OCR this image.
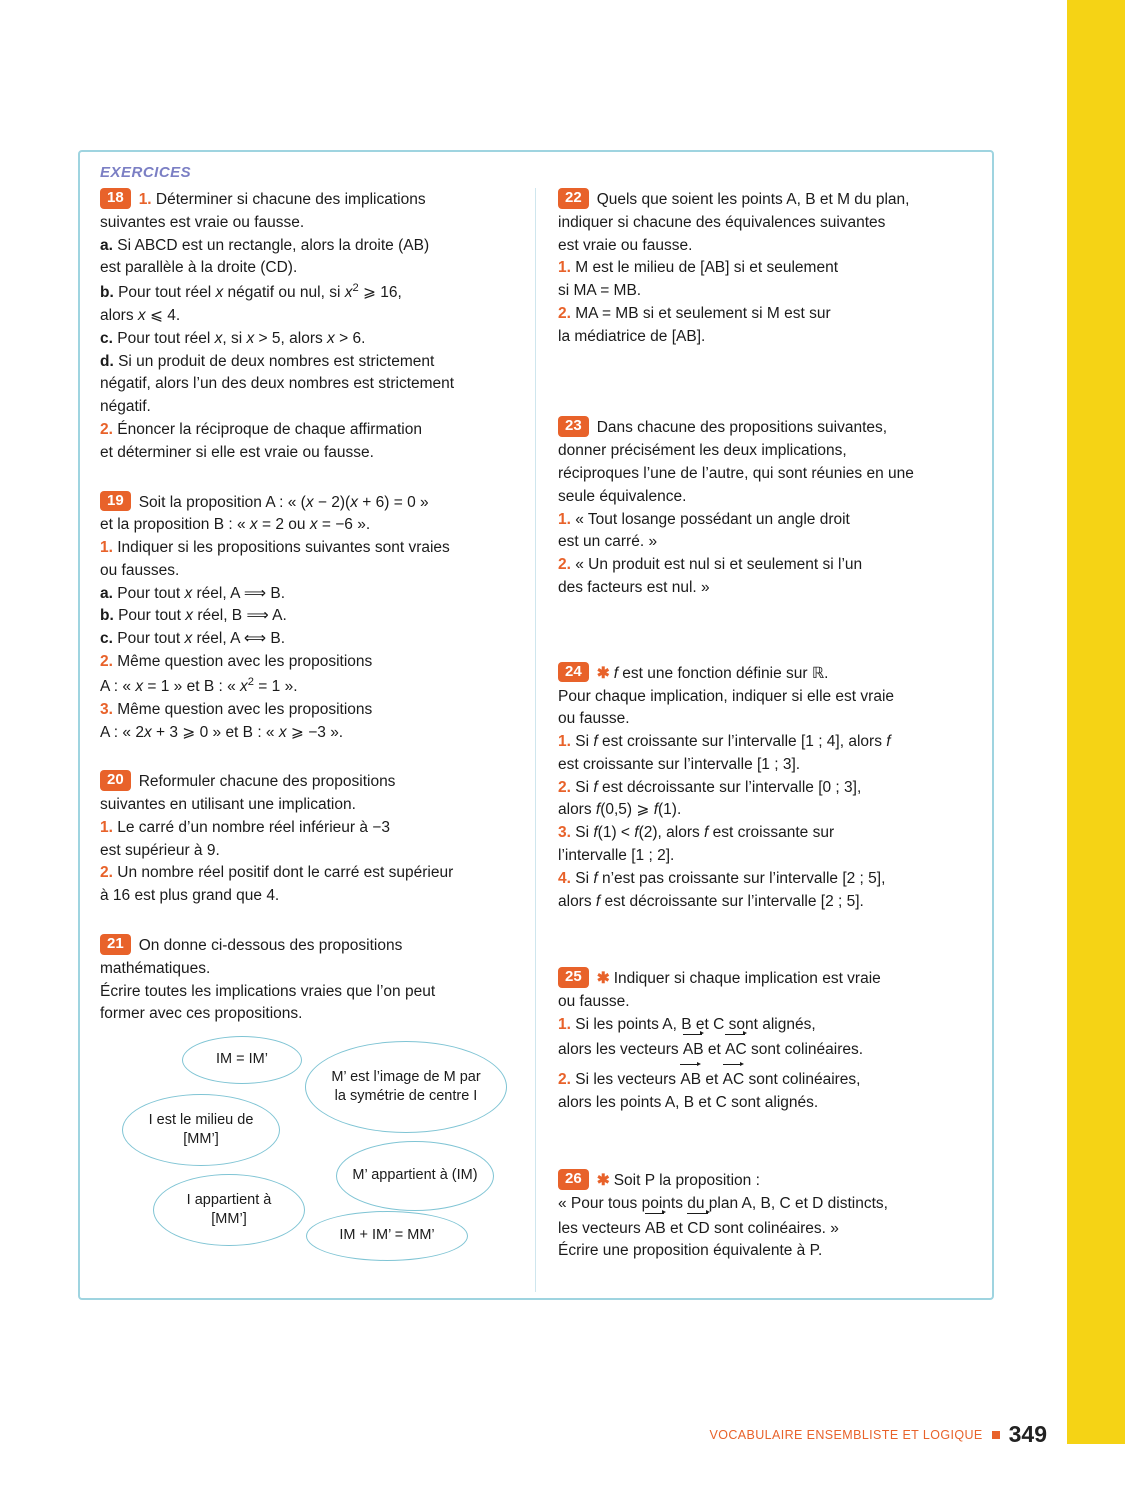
EXERCICES

18 1. Déterminer si chacune des implications

suivantes est vraie ou fausse.

a. Si ABCD est un rectangle, alors la droite (AB)

est parallèle à la droite (CD).

b. Pour tout réel x négatif ou nul, si $x^2$ ⩾ 16,

alors x ⩽ 4.

c. Pour tout réel x, si x > 5, alors x > 6.

d. Si un produit de deux nombres est strictement

négatif, alors l’un des deux nombres est strictement

négatif.

2. Énoncer la réciproque de chaque affirmation

et déterminer si elle est vraie ou fausse.

19 Soit la proposition A : « (x − 2)(x + 6) = 0 »

et la proposition B : « x = 2 ou x = −6 ».

1. Indiquer si les propositions suivantes sont vraies

ou fausses.

a. Pour tout x réel, A ⟹ B.

b. Pour tout x réel, B ⟹ A.

c. Pour tout x réel, A ⟺ B.

2. Même question avec les propositions

A : « x = 1 » et B : « $x^2 = 1$ ».

3. Même question avec les propositions

A : « 2x + 3 ⩾ 0 » et B : « x ⩾ −3 ».

20 Reformuler chacune des propositions

suivantes en utilisant une implication.

1. Le carré d’un nombre réel inférieur à −3

est supérieur à 9.

2. Un nombre réel positif dont le carré est supérieur

à 16 est plus grand que 4.

21 On donne ci-dessous des propositions

mathématiques.

Écrire toutes les implications vraies que l’on peut

former avec ces propositions.

IM = IM’
M’ est l’image de M par la symétrie de centre I
I est le milieu de [MM’]
M’ appartient à (IM)
I appartient à [MM’]
IM + IM’ = MM’

22 Quels que soient les points A, B et M du plan,

indiquer si chacune des équivalences suivantes

est vraie ou fausse.

1. M est le milieu de [AB] si et seulement

si MA = MB.

2. MA = MB si et seulement si M est sur

la médiatrice de [AB].

23 Dans chacune des propositions suivantes,

donner précisément les deux implications,

réciproques l’une de l’autre, qui sont réunies en une

seule équivalence.

1. « Tout losange possédant un angle droit

est un carré. »

2. « Un produit est nul si et seulement si l’un

des facteurs est nul. »

24 ✱ f est une fonction définie sur ℝ.

Pour chaque implication, indiquer si elle est vraie

ou fausse.

1. Si f est croissante sur l’intervalle [1 ; 4], alors f

est croissante sur l’intervalle [1 ; 3].

2. Si f est décroissante sur l’intervalle [0 ; 3],

alors f(0,5) ⩾ f(1).

3. Si f(1) < f(2), alors f est croissante sur

l’intervalle [1 ; 2].

4. Si f n’est pas croissante sur l’intervalle [2 ; 5],

alors f est décroissante sur l’intervalle [2 ; 5].

25 ✱ Indiquer si chaque implication est vraie

ou fausse.

1. Si les points A, B et C sont alignés,

alors les vecteurs AB et AC sont colinéaires.

2. Si les vecteurs AB et AC sont colinéaires,

alors les points A, B et C sont alignés.

26 ✱ Soit P la proposition :

« Pour tous points du plan A, B, C et D distincts,

les vecteurs AB et CD sont colinéaires. »

Écrire une proposition équivalente à P.

VOCABULAIRE ENSEMBLISTE ET LOGIQUE 349
